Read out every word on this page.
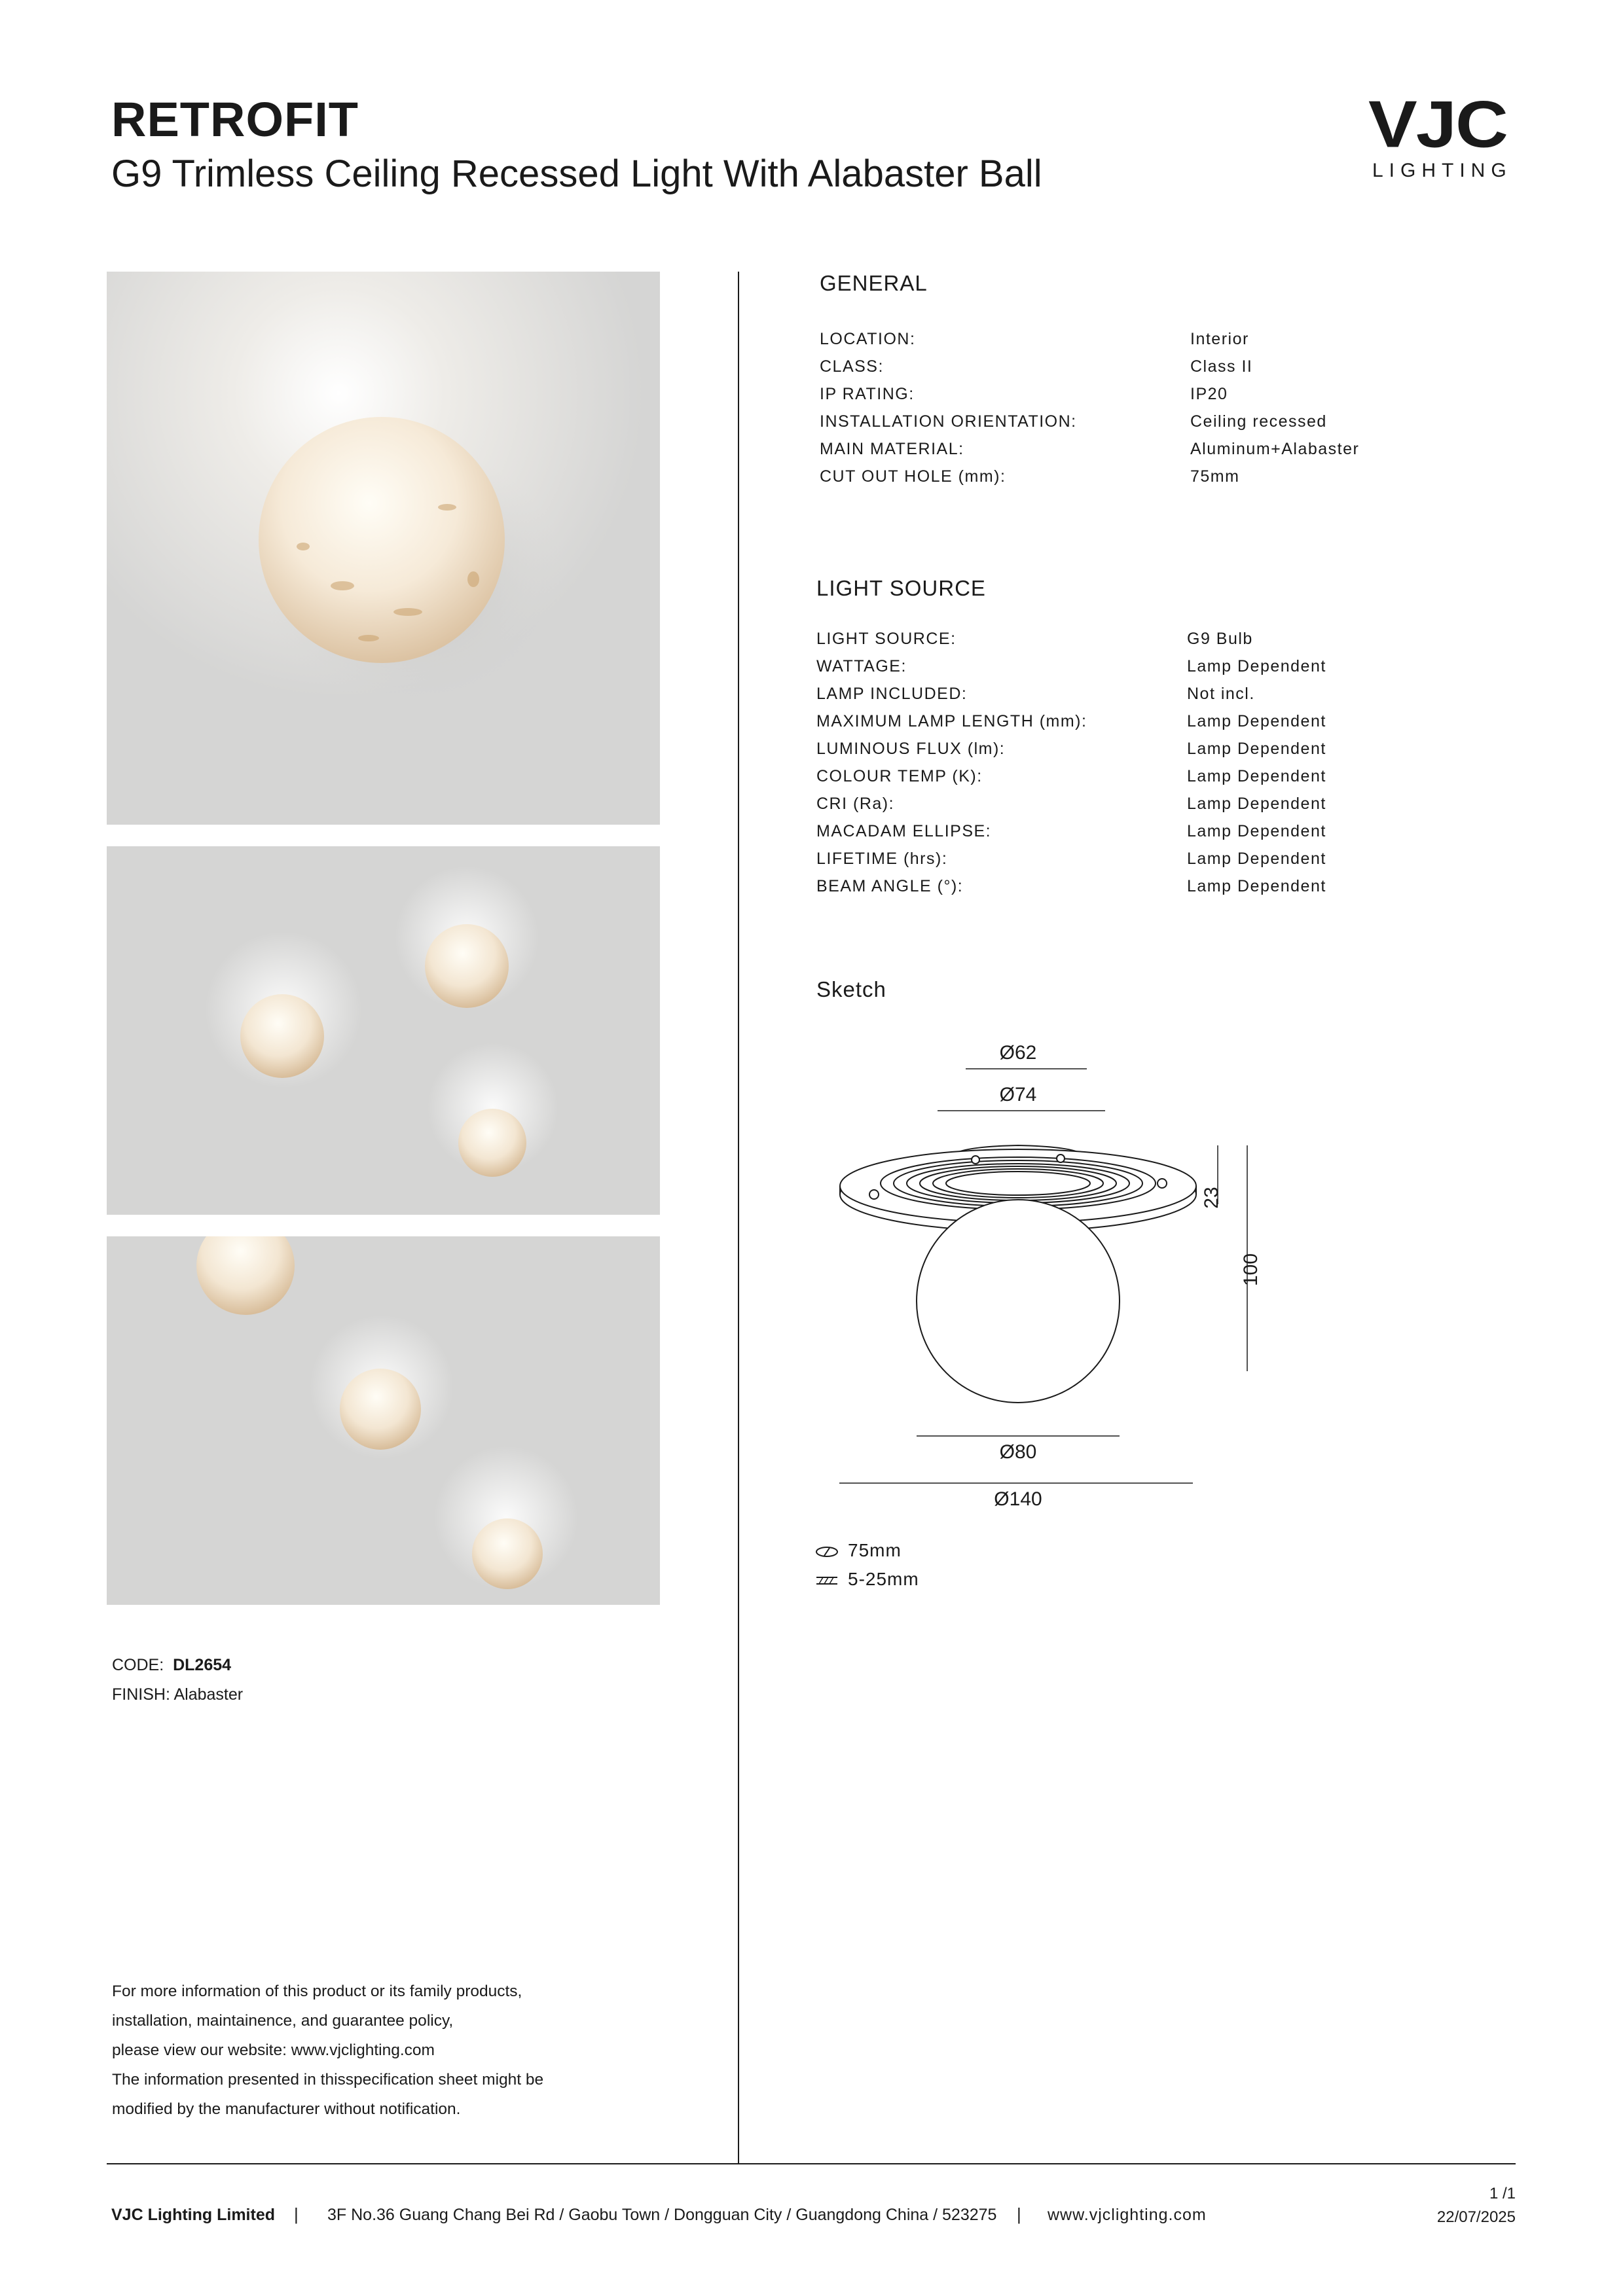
RETROFIT
G9 Trimless Ceiling Recessed Light With Alabaster Ball
VJC
LIGHTING
CODE: DL2654
FINISH: Alabaster
For more information of this product or its family products,
installation, maintainence, and guarantee policy,
please view our website: www.vjclighting.com
The information presented in thisspecification sheet might be
modified by the manufacturer without notification.
GENERAL
LOCATION:	Interior
CLASS:	Class II
IP RATING:	IP20
INSTALLATION ORIENTATION:	Ceiling recessed
MAIN MATERIAL:	Aluminum+Alabaster
CUT OUT HOLE (mm):	75mm
LIGHT SOURCE
LIGHT SOURCE:	G9 Bulb
WATTAGE:	Lamp Dependent
LAMP INCLUDED:	Not incl.
MAXIMUM LAMP LENGTH (mm):	Lamp Dependent
LUMINOUS FLUX (lm):	Lamp Dependent
COLOUR TEMP (K):	Lamp Dependent
CRI (Ra):	Lamp Dependent
MACADAM ELLIPSE:	Lamp Dependent
LIFETIME (hrs):	Lamp Dependent
BEAM ANGLE (°):	Lamp Dependent
Sketch
Ø62
Ø74
Ø80
Ø140
23
100
75mm
5-25mm
VJC Lighting Limited | 3F No.36 Guang Chang Bei Rd / Gaobu Town / Dongguan City / Guangdong China / 523275 | www.vjclighting.com
1 /1
22/07/2025
